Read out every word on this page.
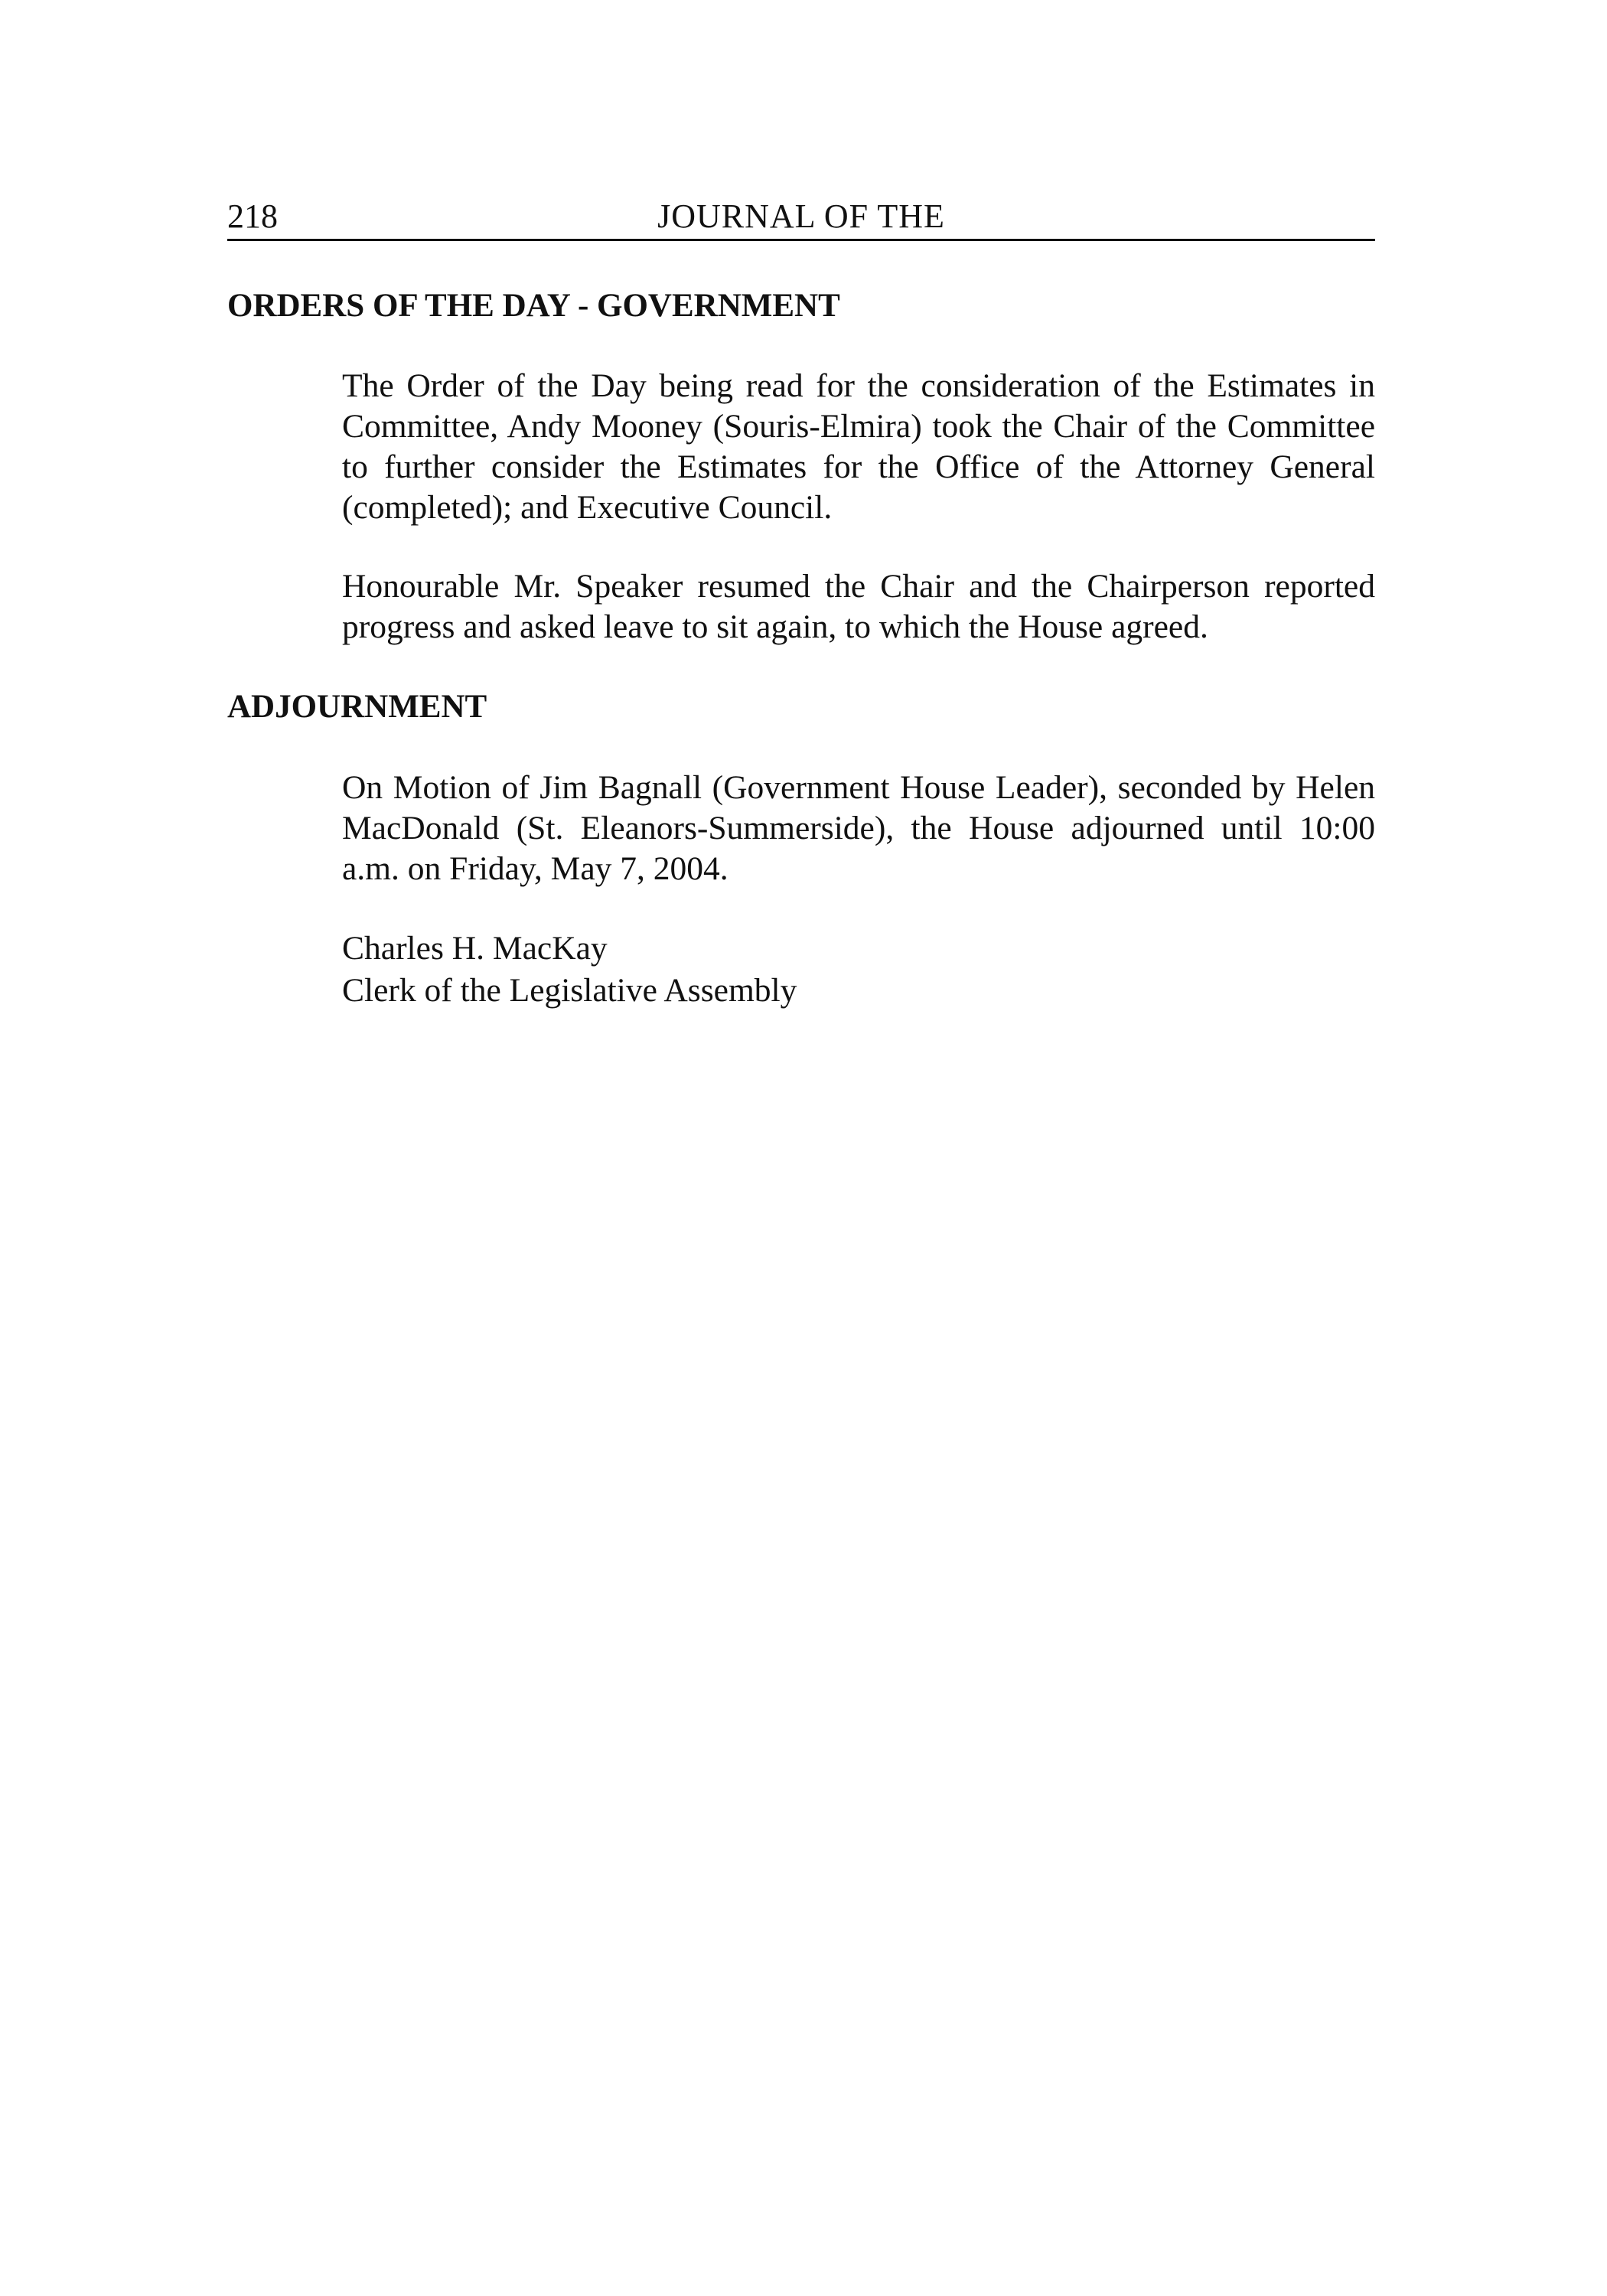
218	JOURNAL OF THE
ORDERS OF THE DAY - GOVERNMENT

The Order of the Day being read for the consideration of the Estimates in Committee, Andy Mooney (Souris-Elmira) took the Chair of the Committee to further consider the Estimates for the Office of the Attorney General (completed); and Executive Council.

Honourable Mr. Speaker resumed the Chair and the Chairperson reported progress and asked leave to sit again, to which the House agreed.

ADJOURNMENT

On Motion of Jim Bagnall (Government House Leader), seconded by Helen MacDonald (St. Eleanors-Summerside), the House adjourned until 10:00 a.m. on Friday, May 7, 2004.

Charles H. MacKay
Clerk of the Legislative Assembly
